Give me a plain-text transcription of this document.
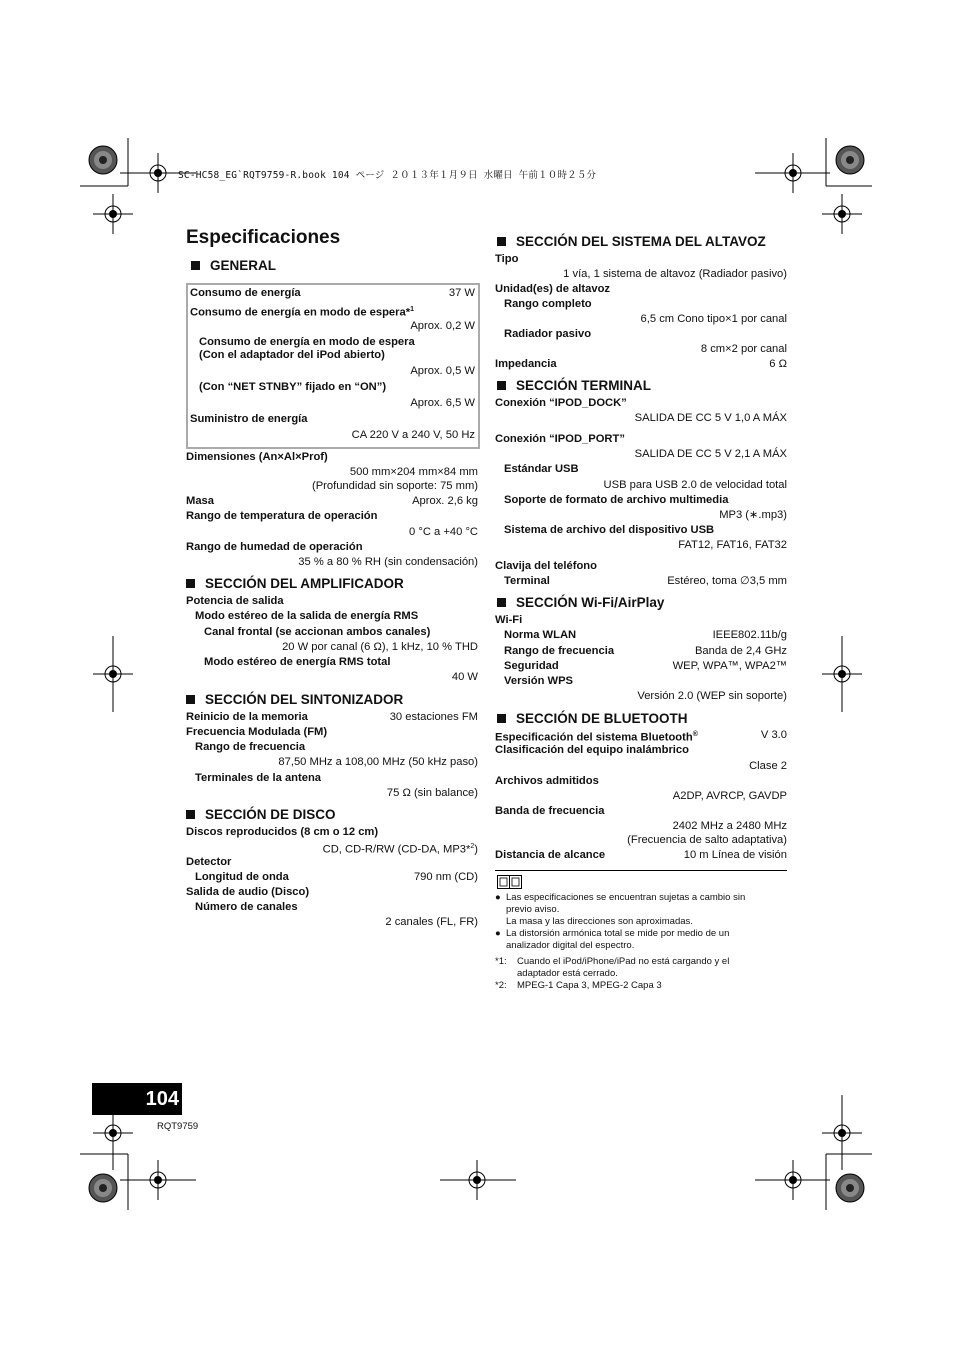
SC-HC58_EG`RQT9759-R.book 104 ページ ２０１３年１月９日 水曜日 午前１０時２５分
Especificaciones
GENERAL
Consumo de energía	37 W
Consumo de energía en modo de espera*$^1$
Aprox. 0,2 W
Consumo de energía en modo de espera
(Con el adaptador del iPod abierto)
Aprox. 0,5 W
(Con “NET STNBY” fijado en “ON”)
Aprox. 6,5 W
Suministro de energía
CA 220 V a 240 V, 50 Hz
Dimensiones (An×Al×Prof)
500 mm×204 mm×84 mm
(Profundidad sin soporte: 75 mm)
Masa	Aprox. 2,6 kg
Rango de temperatura de operación
0 °C a +40 °C
Rango de humedad de operación
35 % a 80 % RH (sin condensación)
SECCIÓN DEL AMPLIFICADOR
Potencia de salida
Modo estéreo de la salida de energía RMS
Canal frontal (se accionan ambos canales)
20 W por canal (6 Ω), 1 kHz, 10 % THD
Modo estéreo de energía RMS total
40 W
SECCIÓN DEL SINTONIZADOR
Reinicio de la memoria	30 estaciones FM
Frecuencia Modulada (FM)
Rango de frecuencia
87,50 MHz a 108,00 MHz (50 kHz paso)
Terminales de la antena
75 Ω (sin balance)
SECCIÓN DE DISCO
Discos reproducidos (8 cm o 12 cm)
CD, CD-R/RW (CD-DA, MP3*$^2$)
Detector
Longitud de onda	790 nm (CD)
Salida de audio (Disco)
Número de canales
2 canales (FL, FR)
SECCIÓN DEL SISTEMA DEL ALTAVOZ
Tipo
1 vía, 1 sistema de altavoz (Radiador pasivo)
Unidad(es) de altavoz
Rango completo
6,5 cm Cono tipo×1 por canal
Radiador pasivo
8 cm×2 por canal
Impedancia	6 Ω
SECCIÓN TERMINAL
Conexión “IPOD_DOCK”
SALIDA DE CC 5 V 1,0 A MÁX
Conexión “IPOD_PORT”
SALIDA DE CC 5 V 2,1 A MÁX
Estándar USB
USB para USB 2.0 de velocidad total
Soporte de formato de archivo multimedia
MP3 (∗.mp3)
Sistema de archivo del dispositivo USB
FAT12, FAT16, FAT32
Clavija del teléfono
Terminal	Estéreo, toma ∅3,5 mm
SECCIÓN Wi-Fi/AirPlay
Wi-Fi
Norma WLAN	IEEE802.11b/g
Rango de frecuencia	Banda de 2,4 GHz
Seguridad	WEP, WPA™, WPA2™
Versión WPS
Versión 2.0 (WEP sin soporte)
SECCIÓN DE BLUETOOTH
Especificación del sistema Bluetooth®	V 3.0
Clasificación del equipo inalámbrico
Clase 2
Archivos admitidos
A2DP, AVRCP, GAVDP
Banda de frecuencia
2402 MHz a 2480 MHz
(Frecuencia de salto adaptativa)
Distancia de alcance	10 m Línea de visión
● Las especificaciones se encuentran sujetas a cambio sin
previo aviso.
La masa y las direcciones son aproximadas.
● La distorsión armónica total se mide por medio de un
analizador digital del espectro.
*1: Cuando el iPod/iPhone/iPad no está cargando y el
adaptador está cerrado.
*2: MPEG-1 Capa 3, MPEG-2 Capa 3
104
RQT9759
